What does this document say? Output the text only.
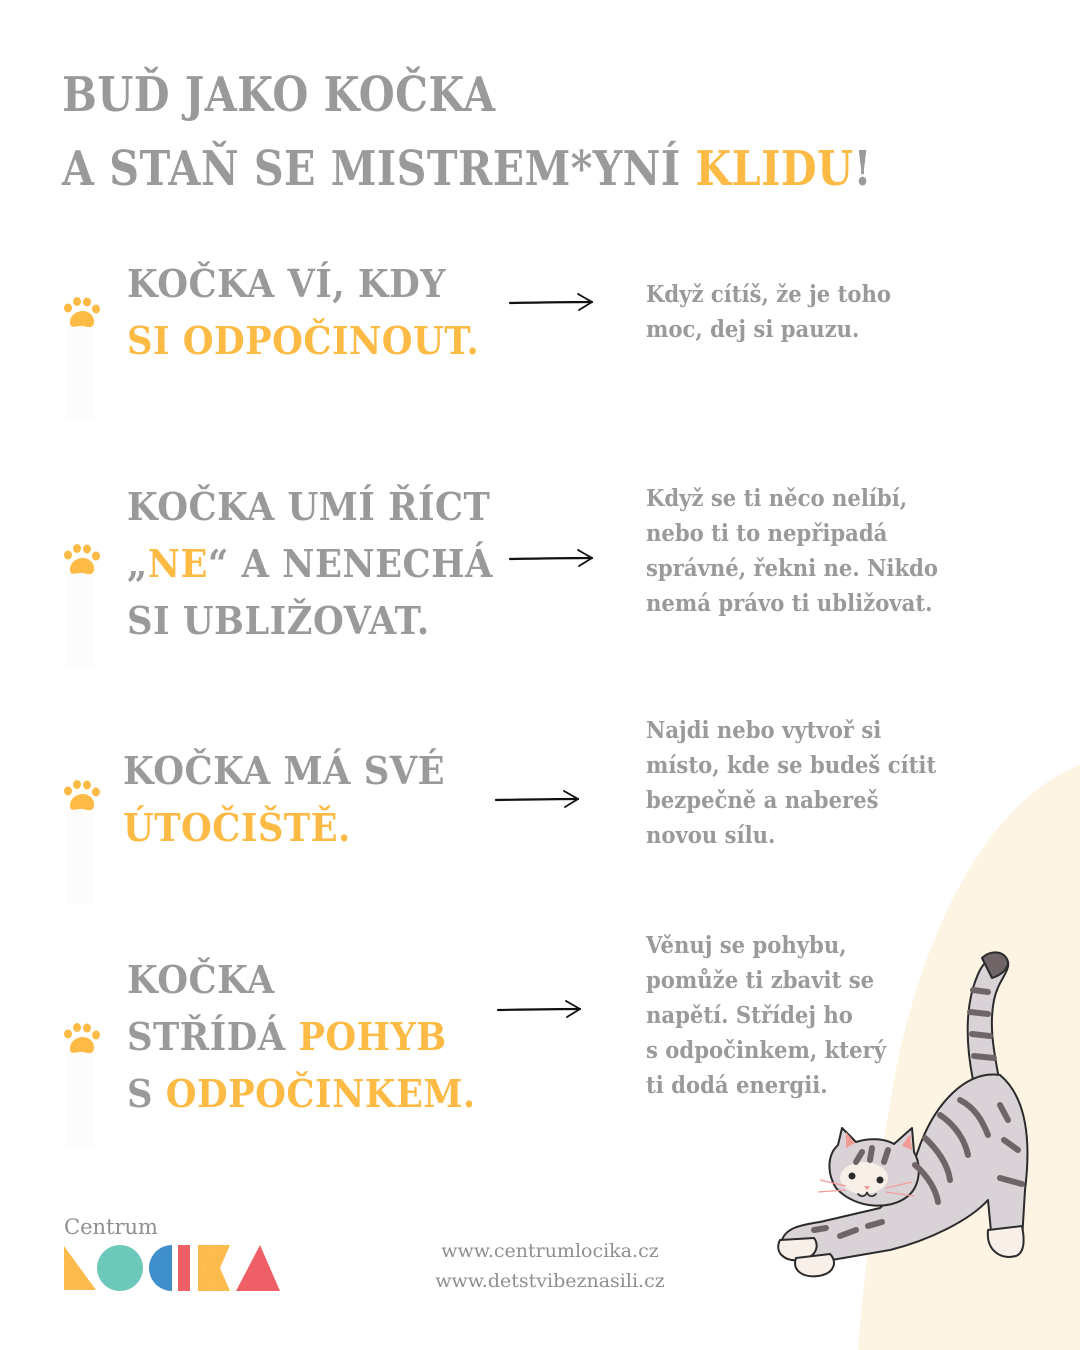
BUĎ JAKO KOČKA
A STAŇ SE MISTREM*YNÍ KLIDU!
KOČKA VÍ, KDY
SI ODPOČINOUT.
Když cítíš, že je toho
moc, dej si pauzu.
KOČKA UMÍ ŘÍCT
„NE“ A NENECHÁ
SI UBLIŽOVAT.
Když se ti něco nelíbí,
nebo ti to nepřipadá
správné, řekni ne. Nikdo
nemá právo ti ubližovat.
KOČKA MÁ SVÉ
ÚTOČIŠTĚ.
Najdi nebo vytvoř si
místo, kde se budeš cítit
bezpečně a nabereš
novou sílu.
KOČKA
STŘÍDÁ POHYB
S ODPOČINKEM.
Věnuj se pohybu,
pomůže ti zbavit se
napětí. Střídej ho
s odpočinkem, který
ti dodá energii.
Centrum
www.centrumlocika.cz
www.detstvibeznasili.cz
